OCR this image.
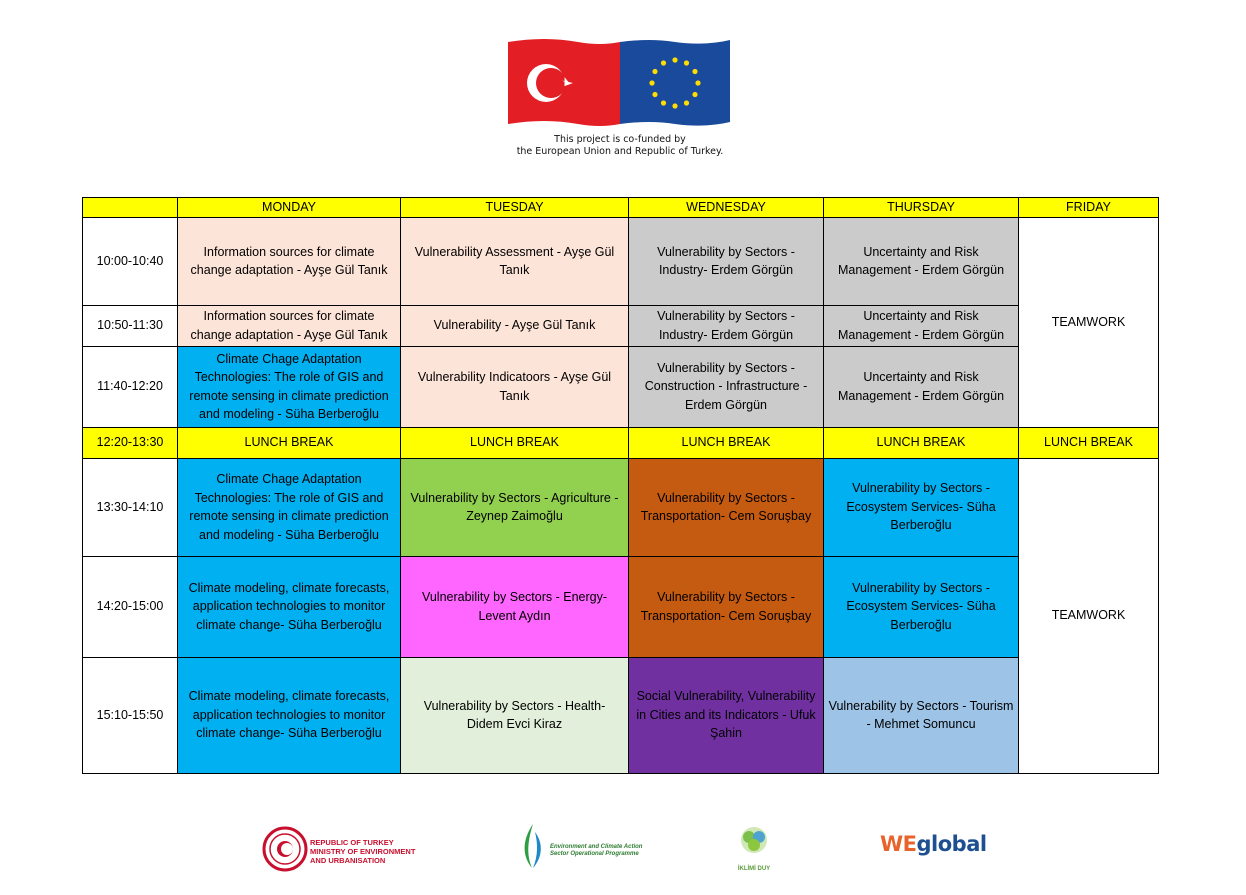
This project is co-funded by
the European Union and Republic of Turkey.
	MONDAY	TUESDAY	WEDNESDAY	THURSDAY	FRIDAY
10:00-10:40	Information sources for climate change adaptation - Ayşe Gül Tanık	Vulnerability Assessment - Ayşe Gül Tanık	Vulnerability by Sectors - Industry- Erdem Görgün	Uncertainty and Risk Management - Erdem Görgün	TEAMWORK
10:50-11:30	Information sources for climate change adaptation - Ayşe Gül Tanık	Vulnerability - Ayşe Gül Tanık	Vulnerability by Sectors - Industry- Erdem Görgün	Uncertainty and Risk Management - Erdem Görgün	
11:40-12:20	Climate Chage Adaptation Technologies: The role of GIS and remote sensing in climate prediction and modeling - Süha Berberoğlu	Vulnerability Indicatoors - Ayşe Gül Tanık	Vulnerability by Sectors - Construction - Infrastructure - Erdem Görgün	Uncertainty and Risk Management - Erdem Görgün	
12:20-13:30	LUNCH BREAK	LUNCH BREAK	LUNCH BREAK	LUNCH BREAK	LUNCH BREAK
13:30-14:10	Climate Chage Adaptation Technologies: The role of GIS and remote sensing in climate prediction and modeling - Süha Berberoğlu	Vulnerability by Sectors - Agriculture - Zeynep Zaimoğlu	Vulnerability by Sectors - Transportation- Cem Soruşbay	Vulnerability by Sectors - Ecosystem Services- Süha Berberoğlu	TEAMWORK
14:20-15:00	Climate modeling, climate forecasts, application technologies to monitor climate change- Süha Berberoğlu	Vulnerability by Sectors - Energy- Levent Aydın	Vulnerability by Sectors - Transportation- Cem Soruşbay	Vulnerability by Sectors - Ecosystem Services- Süha Berberoğlu	
15:10-15:50	Climate modeling, climate forecasts, application technologies to monitor climate change- Süha Berberoğlu	Vulnerability by Sectors - Health- Didem Evci Kiraz	Social Vulnerability, Vulnerability in Cities and its Indicators - Ufuk Şahin	Vulnerability by Sectors - Tourism - Mehmet Somuncu	
REPUBLIC OF TURKEY
MINISTRY OF ENVIRONMENT
AND URBANISATION
Environment and Climate Action
Sector Operational Programme
İKLİMİ DUY
WEglobal
